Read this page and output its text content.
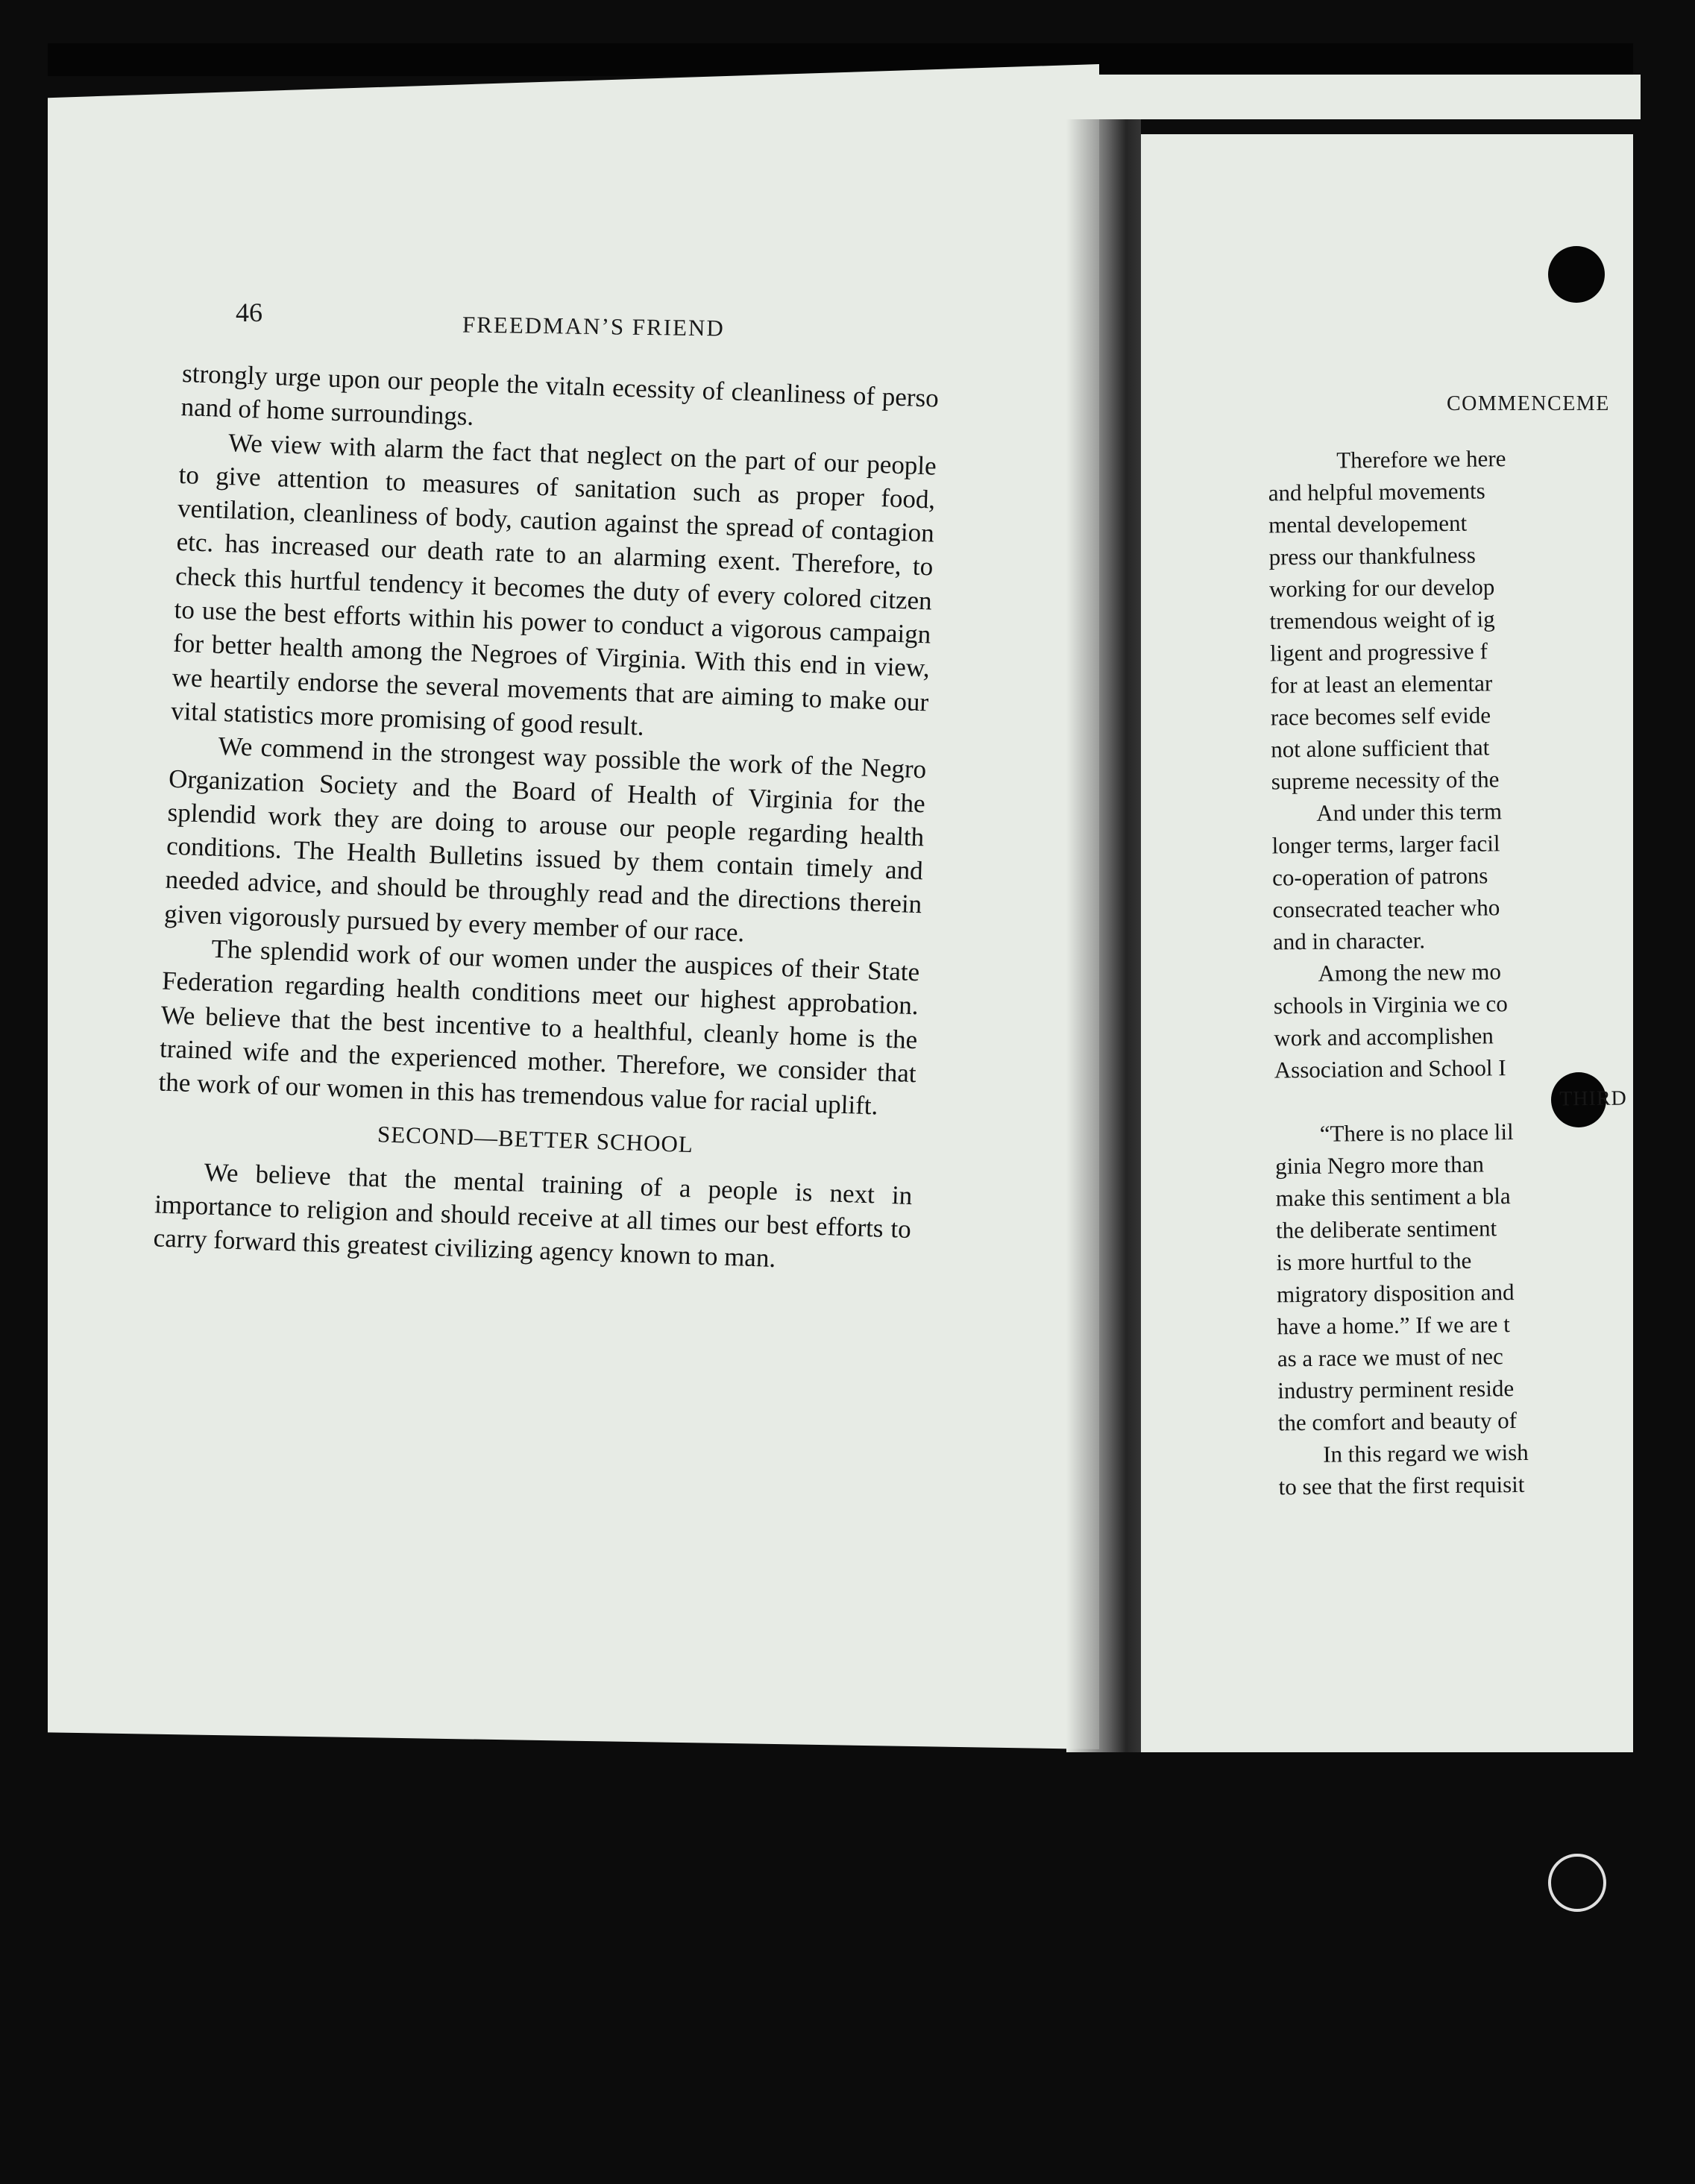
46	FREEDMAN’S FRIEND

strongly urge upon our people the vitaln ecessity of cleanliness of perso nand of home surroundings.

We view with alarm the fact that neglect on the part of our people to give attention to measures of sanitation such as proper food, ventilation, cleanliness of body, caution against the spread of contagion etc. has increased our death rate to an alarming exent. Therefore, to check this hurtful tendency it becomes the duty of every colored citzen to use the best efforts within his power to conduct a vigorous campaign for better health among the Negroes of Virginia. With this end in view, we heartily endorse the several movements that are aiming to make our vital statistics more promising of good result.

We commend in the strongest way possible the work of the Negro Organization Society and the Board of Health of Virginia for the splendid work they are doing to arouse our people regarding health conditions. The Health Bulletins issued by them contain timely and needed advice, and should be throughly read and the directions therein given vigorously pursued by every member of our race.

The splendid work of our women under the auspices of their State Federation regarding health conditions meet our highest approbation. We believe that the best incentive to a healthful, cleanly home is the trained wife and the experienced mother. Therefore, we consider that the work of our women in this has tremendous value for racial uplift.

SECOND—BETTER SCHOOL

We believe that the mental training of a people is next in importance to religion and should receive at all times our best efforts to carry forward this greatest civilizing agency known to man.

COMMENCEME
Therefore we here
and helpful movements
mental developement
press our thankfulness
working for our develop
tremendous weight of ig
ligent and progressive f
for at least an elementar
race becomes self evide
not alone sufficient that
supreme necessity of the
And under this term
longer terms, larger facil
co-operation of patrons
consecrated teacher who
and in character.
Among the new mo
schools in Virginia we co
work and accomplishen
Association and School I
THIRD
“There is no place lil
ginia Negro more than
make this sentiment a bla
the deliberate sentiment
is more hurtful to the
migratory disposition and
have a home.” If we are t
as a race we must of nec
industry perminent reside
the comfort and beauty of
In this regard we wish
to see that the first requisit
